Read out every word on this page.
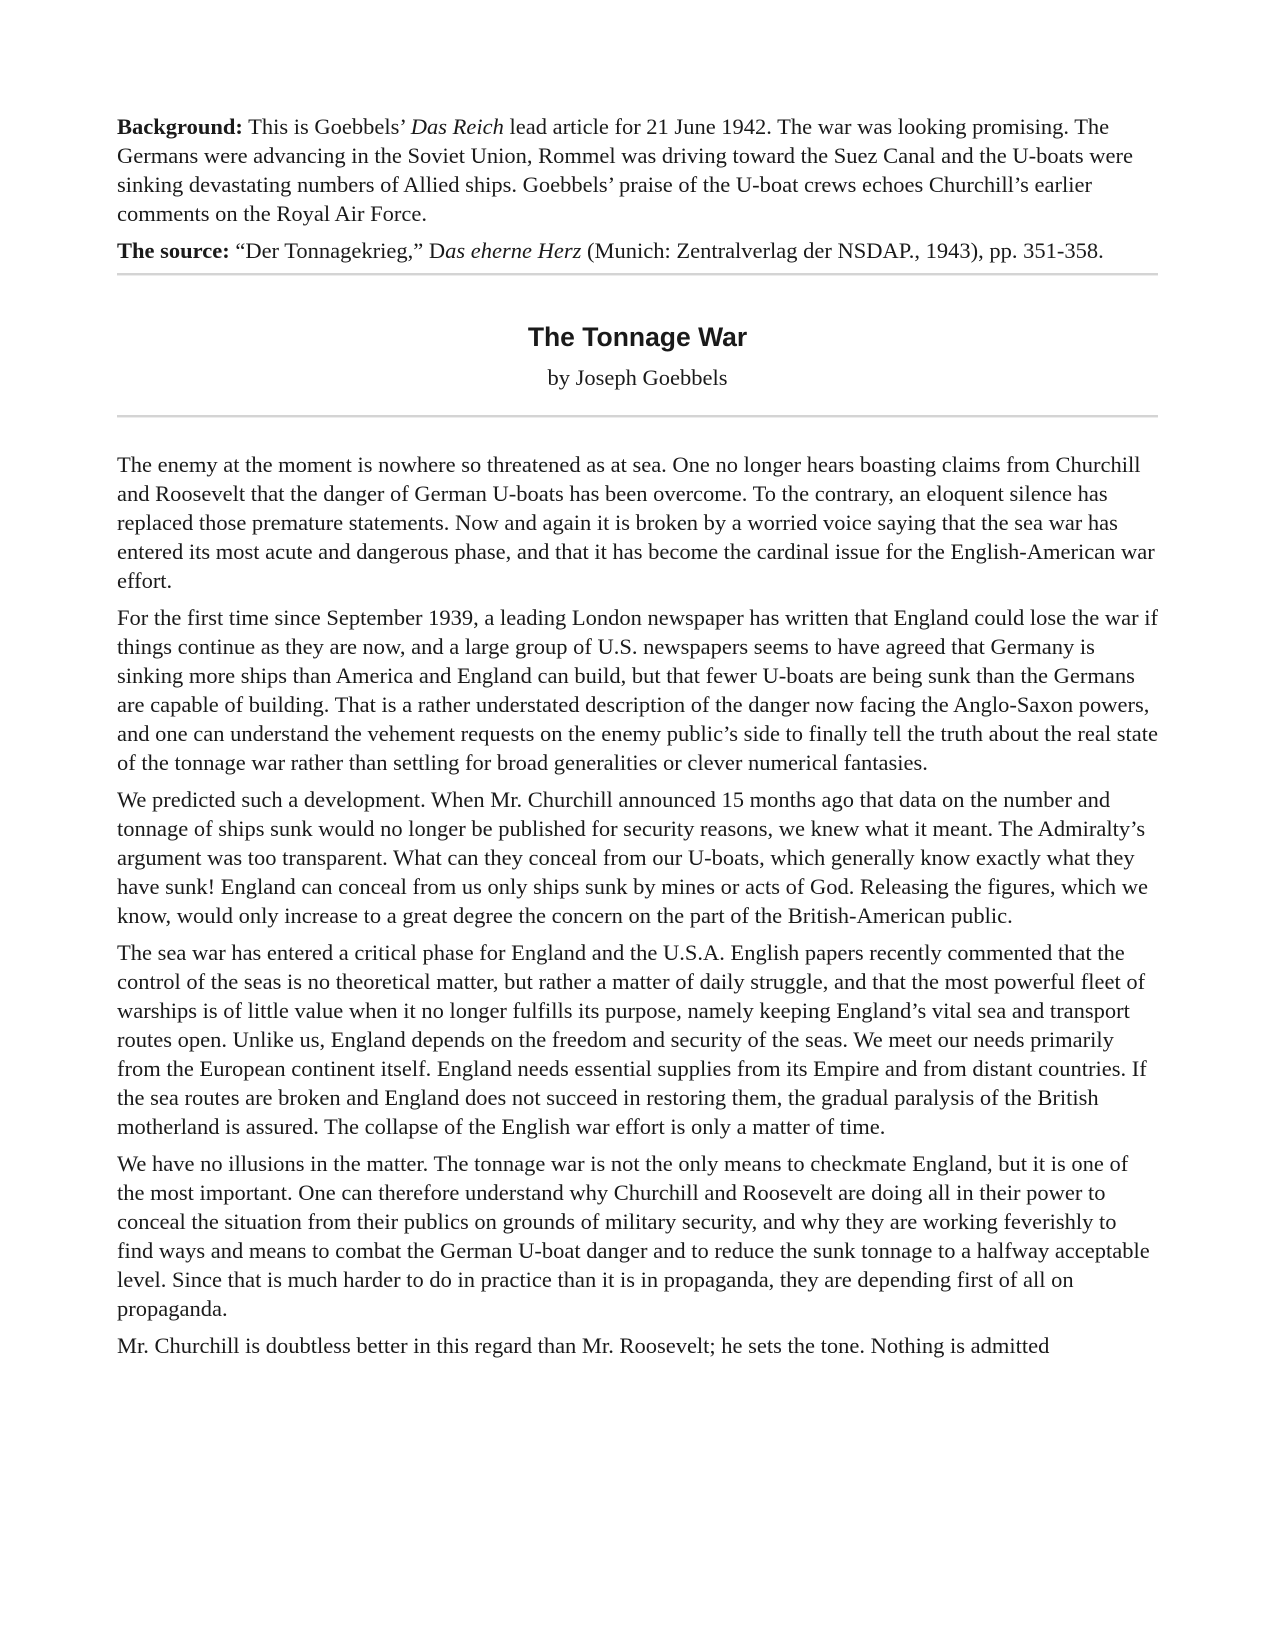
Background: This is Goebbels’ Das Reich lead article for 21 June 1942. The war was looking promising. The Germans were advancing in the Soviet Union, Rommel was driving toward the Suez Canal and the U-boats were sinking devastating numbers of Allied ships. Goebbels’ praise of the U-boat crews echoes Churchill’s earlier comments on the Royal Air Force.

The source: “Der Tonnagekrieg,” Das eherne Herz (Munich: Zentralverlag der NSDAP., 1943), pp. 351-358.

The Tonnage War
by Joseph Goebbels

The enemy at the moment is nowhere so threatened as at sea. One no longer hears boasting claims from Churchill and Roosevelt that the danger of German U-boats has been overcome. To the contrary, an eloquent silence has replaced those premature statements. Now and again it is broken by a worried voice saying that the sea war has entered its most acute and dangerous phase, and that it has become the cardinal issue for the English-American war effort.

For the first time since September 1939, a leading London newspaper has written that England could lose the war if things continue as they are now, and a large group of U.S. newspapers seems to have agreed that Germany is sinking more ships than America and England can build, but that fewer U-boats are being sunk than the Germans are capable of building. That is a rather understated description of the danger now facing the Anglo-Saxon powers, and one can understand the vehement requests on the enemy public’s side to finally tell the truth about the real state of the tonnage war rather than settling for broad generalities or clever numerical fantasies.

We predicted such a development. When Mr. Churchill announced 15 months ago that data on the number and tonnage of ships sunk would no longer be published for security reasons, we knew what it meant. The Admiralty’s argument was too transparent. What can they conceal from our U-boats, which generally know exactly what they have sunk! England can conceal from us only ships sunk by mines or acts of God. Releasing the figures, which we know, would only increase to a great degree the concern on the part of the British-American public.

The sea war has entered a critical phase for England and the U.S.A. English papers recently commented that the control of the seas is no theoretical matter, but rather a matter of daily struggle, and that the most powerful fleet of warships is of little value when it no longer fulfills its purpose, namely keeping England’s vital sea and transport routes open. Unlike us, England depends on the freedom and security of the seas. We meet our needs primarily from the European continent itself. England needs essential supplies from its Empire and from distant countries. If the sea routes are broken and England does not succeed in restoring them, the gradual paralysis of the British motherland is assured. The collapse of the English war effort is only a matter of time.

We have no illusions in the matter. The tonnage war is not the only means to checkmate England, but it is one of the most important. One can therefore understand why Churchill and Roosevelt are doing all in their power to conceal the situation from their publics on grounds of military security, and why they are working feverishly to find ways and means to combat the German U-boat danger and to reduce the sunk tonnage to a halfway acceptable level. Since that is much harder to do in practice than it is in propaganda, they are depending first of all on propaganda.

Mr. Churchill is doubtless better in this regard than Mr. Roosevelt; he sets the tone. Nothing is admitted
